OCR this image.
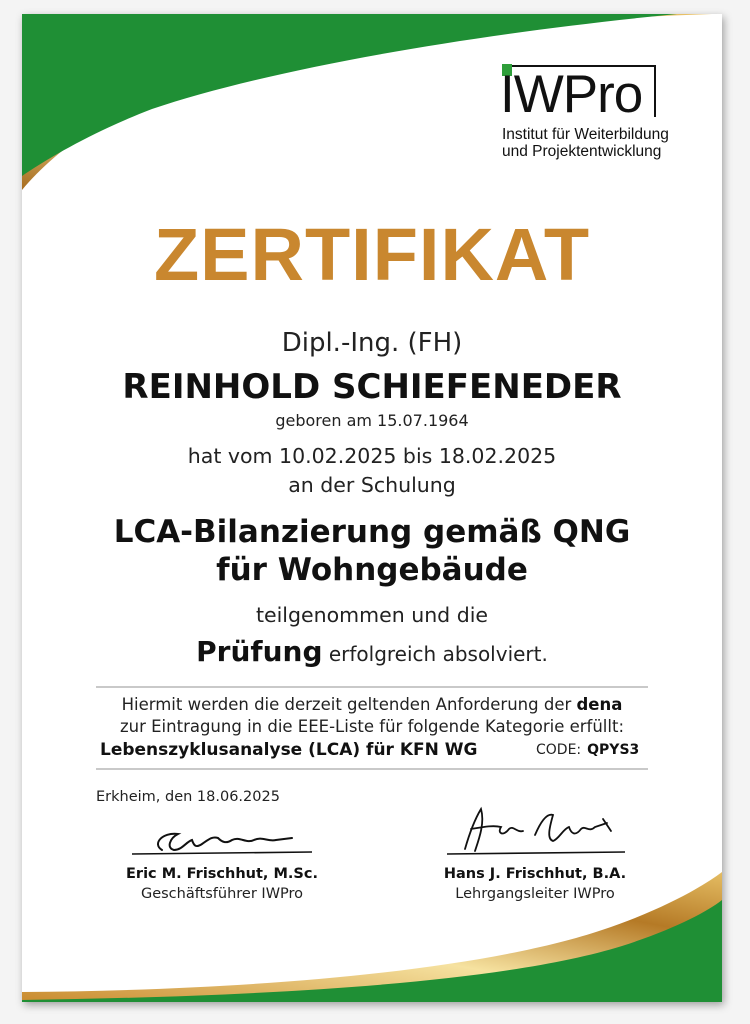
IWPro
Institut für Weiterbildung
und Projektentwicklung
ZERTIFIKAT
Dipl.-Ing. (FH)
REINHOLD SCHIEFENEDER
geboren am 15.07.1964
hat vom 10.02.2025 bis 18.02.2025
an der Schulung
LCA-Bilanzierung gemäß QNG
für Wohngebäude
teilgenommen und die
Prüfung erfolgreich absolviert.
Hiermit werden die derzeit geltenden Anforderung der dena
zur Eintragung in die EEE-Liste für folgende Kategorie erfüllt:
Lebenszyklusanalyse (LCA) für KFN WG	CODE: QPYS3
Erkheim, den 18.06.2025
Eric M. Frischhut, M.Sc.
Geschäftsführer IWPro
Hans J. Frischhut, B.A.
Lehrgangsleiter IWPro
